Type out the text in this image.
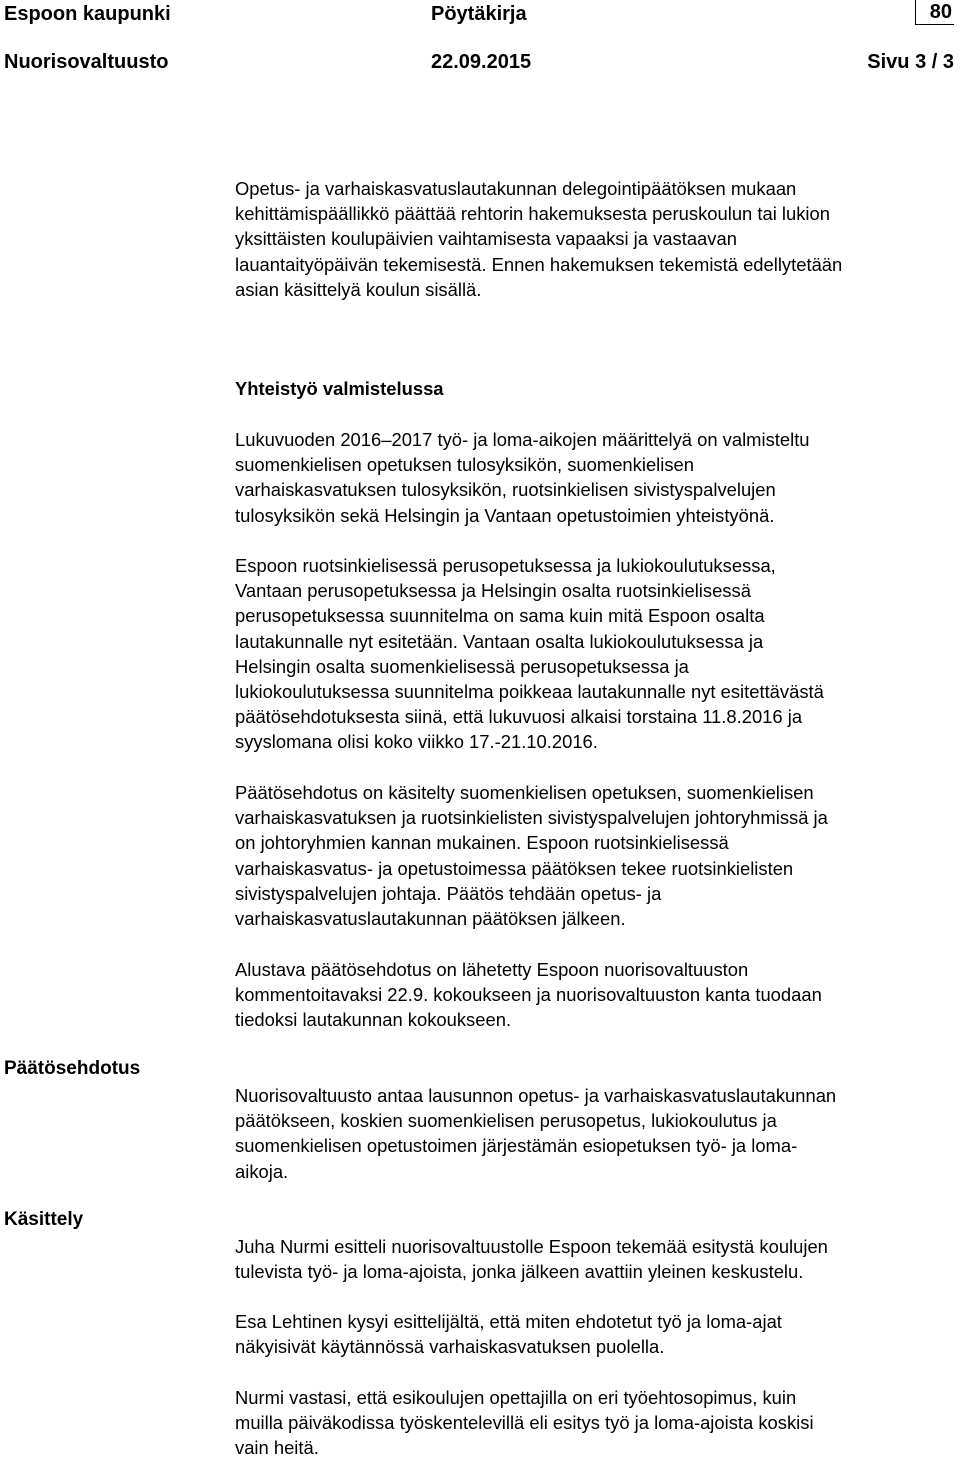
Espoon kaupunki	Pöytäkirja	80
Nuorisovaltuusto	22.09.2015	Sivu 3 / 3

Opetus- ja varhaiskasvatuslautakunnan delegointipäätöksen mukaan
kehittämispäällikkö päättää rehtorin hakemuksesta peruskoulun tai lukion
yksittäisten koulupäivien vaihtamisesta vapaaksi ja vastaavan
lauantaityöpäivän tekemisestä. Ennen hakemuksen tekemistä edellytetään
asian käsittelyä koulun sisällä.

Yhteistyö valmistelussa

Lukuvuoden 2016–2017 työ- ja loma-aikojen määrittelyä on valmisteltu
suomenkielisen opetuksen tulosyksikön, suomenkielisen
varhaiskasvatuksen tulosyksikön, ruotsinkielisen sivistyspalvelujen
tulosyksikön sekä Helsingin ja Vantaan opetustoimien yhteistyönä.

Espoon ruotsinkielisessä perusopetuksessa ja lukiokoulutuksessa,
Vantaan perusopetuksessa ja Helsingin osalta ruotsinkielisessä
perusopetuksessa suunnitelma on sama kuin mitä Espoon osalta
lautakunnalle nyt esitetään. Vantaan osalta lukiokoulutuksessa ja
Helsingin osalta suomenkielisessä perusopetuksessa ja
lukiokoulutuksessa suunnitelma poikkeaa lautakunnalle nyt esitettävästä
päätösehdotuksesta siinä, että lukuvuosi alkaisi torstaina 11.8.2016 ja
syyslomana olisi koko viikko 17.-21.10.2016.

Päätösehdotus on käsitelty suomenkielisen opetuksen, suomenkielisen
varhaiskasvatuksen ja ruotsinkielisten sivistyspalvelujen johtoryhmissä ja
on johtoryhmien kannan mukainen. Espoon ruotsinkielisessä
varhaiskasvatus- ja opetustoimessa päätöksen tekee ruotsinkielisten
sivistyspalvelujen johtaja. Päätös tehdään opetus- ja
varhaiskasvatuslautakunnan päätöksen jälkeen.

Alustava päätösehdotus on lähetetty Espoon nuorisovaltuuston
kommentoitavaksi 22.9. kokoukseen ja nuorisovaltuuston kanta tuodaan
tiedoksi lautakunnan kokoukseen.

Päätösehdotus

Nuorisovaltuusto antaa lausunnon opetus- ja varhaiskasvatuslautakunnan
päätökseen, koskien suomenkielisen perusopetus, lukiokoulutus ja
suomenkielisen opetustoimen järjestämän esiopetuksen työ- ja loma-
aikoja.

Käsittely

Juha Nurmi esitteli nuorisovaltuustolle Espoon tekemää esitystä koulujen
tulevista työ- ja loma-ajoista, jonka jälkeen avattiin yleinen keskustelu.

Esa Lehtinen kysyi esittelijältä, että miten ehdotetut työ ja loma-ajat
näkyisivät käytännössä varhaiskasvatuksen puolella.

Nurmi vastasi, että esikoulujen opettajilla on eri työehtosopimus, kuin
muilla päiväkodissa työskentelevillä eli esitys työ ja loma-ajoista koskisi
vain heitä.
